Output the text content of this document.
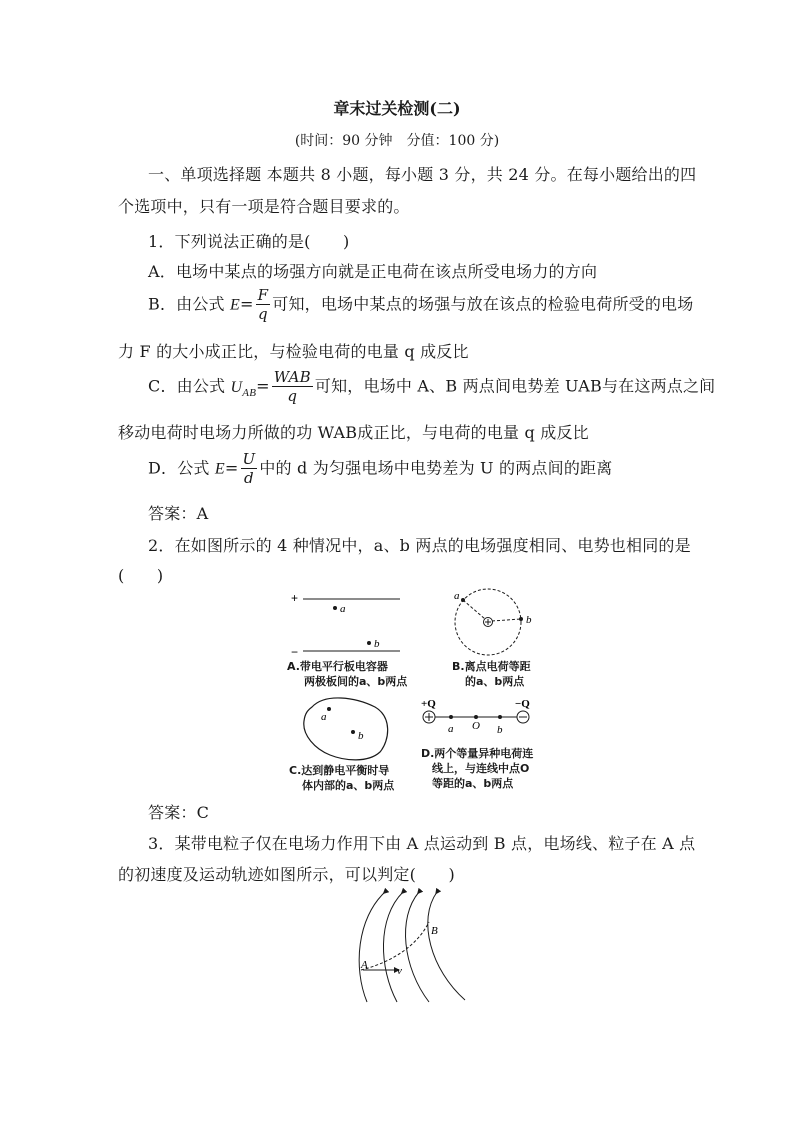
章末过关检测(二)
(时间：90 分钟　分值：100 分)
一、单项选择题 本题共 8 小题，每小题 3 分，共 24 分。在每小题给出的四
个选项中，只有一项是符合题目要求的。
1．下列说法正确的是(　　)
A．电场中某点的场强方向就是正电荷在该点所受电场力的方向
B．由公式 $E= \frac{F}{q}$ 可知，电场中某点的场强与放在该点的检验电荷所受的电场
力 F 的大小成正比，与检验电荷的电量 q 成反比
C．由公式 $U_{AB}= \frac{\text{WAB}}{q}$ 可知，电场中 A、B 两点间电势差 UAB与在这两点之间
移动电荷时电场力所做的功 WAB成正比，与电荷的电量 q 成反比
D．公式 $E= \frac{U}{d}$ 中的 d 为匀强电场中电势差为 U 的两点间的距离
答案：A
2．在如图所示的 4 种情况中，a、b 两点的电场强度相同、电势也相同的是
(　　)
+
a
b
−
A.带电平行板电容器
两极板间的a、b两点
a
b
B.离点电荷等距
的a、b两点
a
b
C.达到静电平衡时导
体内部的a、b两点
+Q	−Q
a O b
D.两个等量异种电荷连
线上，与连线中点O
等距的a、b两点
答案：C
3．某带电粒子仅在电场力作用下由 A 点运动到 B 点，电场线、粒子在 A 点
的初速度及运动轨迹如图所示，可以判定(　　)
A	v
B
